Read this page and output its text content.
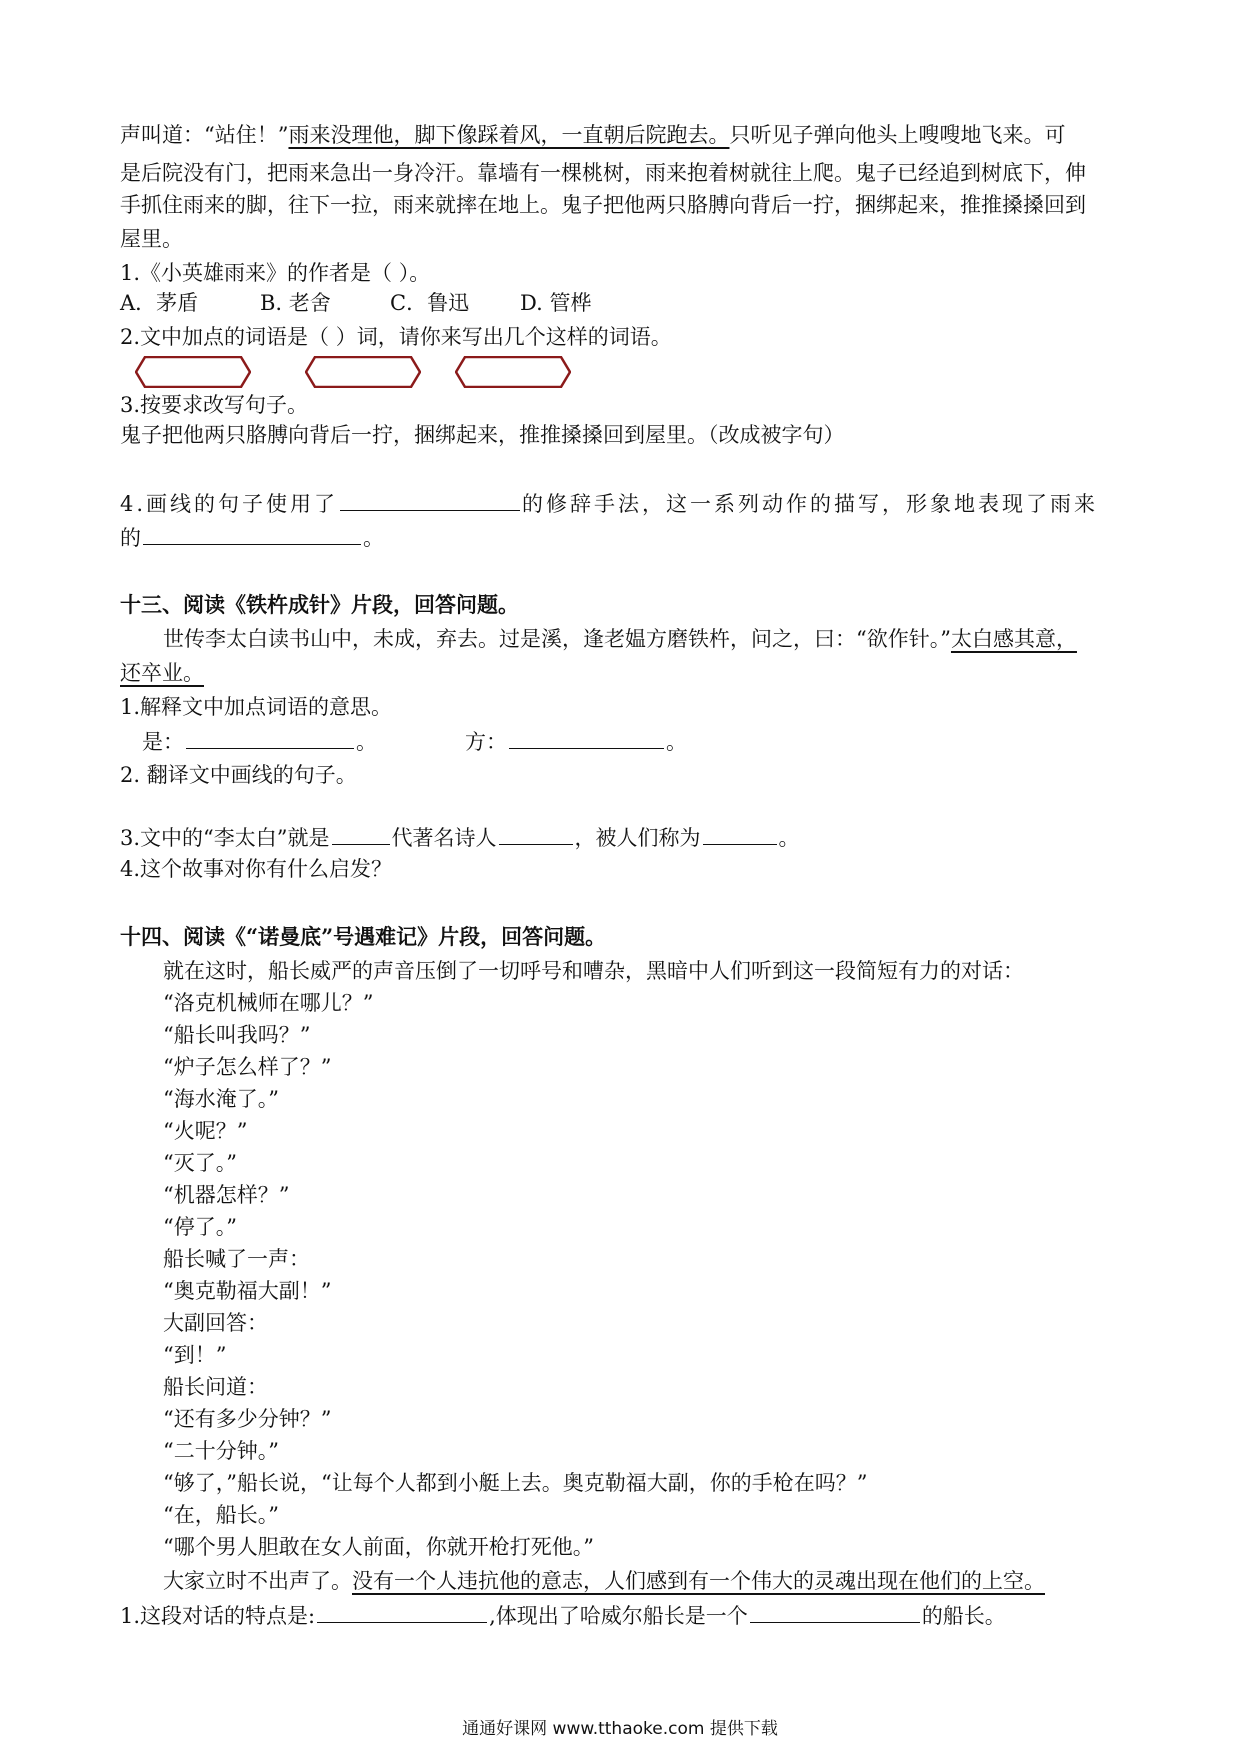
声叫道：“站住！”雨来没理他，脚下像踩着风，一直朝后院跑去。只听见子弹向他头上嗖嗖地飞来。可
是后院没有门，把雨来急出一身冷汗。靠墙有一棵桃树，雨来抱着树就往上爬。鬼子已经追到树底下，伸
手抓住雨来的脚，往下一拉，雨来就摔在地上。鬼子把他两只胳膊向背后一拧，捆绑起来，推推搡搡回到
屋里。
1.《小英雄雨来》的作者是（ ）。
A．茅盾	B. 老舍	C．鲁迅 D. 管桦
2.文中加点的词语是（ ）词，请你来写出几个这样的词语。
3.按要求改写句子。
鬼子把他两只胳膊向背后一拧，捆绑起来，推推搡搡回到屋里。（改成被字句）
4.画线的句子使用了	的修辞手法，这一系列动作的描写，形象地表现了雨来
的	。
十三、阅读《铁杵成针》片段，回答问题。
世传李太白读书山中，未成，弃去。过是溪，逢老媪方磨铁杵，问之，曰：“欲作针。”太白感其意，
还卒业。
1.解释文中加点词语的意思。
是：	。	方：	。
2. 翻译文中画线的句子。
3.文中的“李太白”就是	代著名诗人	，被人们称为	。
4.这个故事对你有什么启发？
十四、阅读《“诺曼底”号遇难记》片段，回答问题。
就在这时，船长威严的声音压倒了一切呼号和嘈杂，黑暗中人们听到这一段简短有力的对话：
“洛克机械师在哪儿？”
“船长叫我吗？”
“炉子怎么样了？”
“海水淹了。”
“火呢？”
“灭了。”
“机器怎样？”
“停了。”
船长喊了一声：
“奥克勒福大副！”
大副回答：
“到！”
船长问道：
“还有多少分钟？”
“二十分钟。”
“够了，”船长说，“让每个人都到小艇上去。奥克勒福大副，你的手枪在吗？”
“在，船长。”
“哪个男人胆敢在女人前面，你就开枪打死他。”
大家立时不出声了。没有一个人违抗他的意志，人们感到有一个伟大的灵魂出现在他们的上空。
1.这段对话的特点是:	,体现出了哈威尔船长是一个	的船长。
通通好课网 www.tthaoke.com 提供下载
